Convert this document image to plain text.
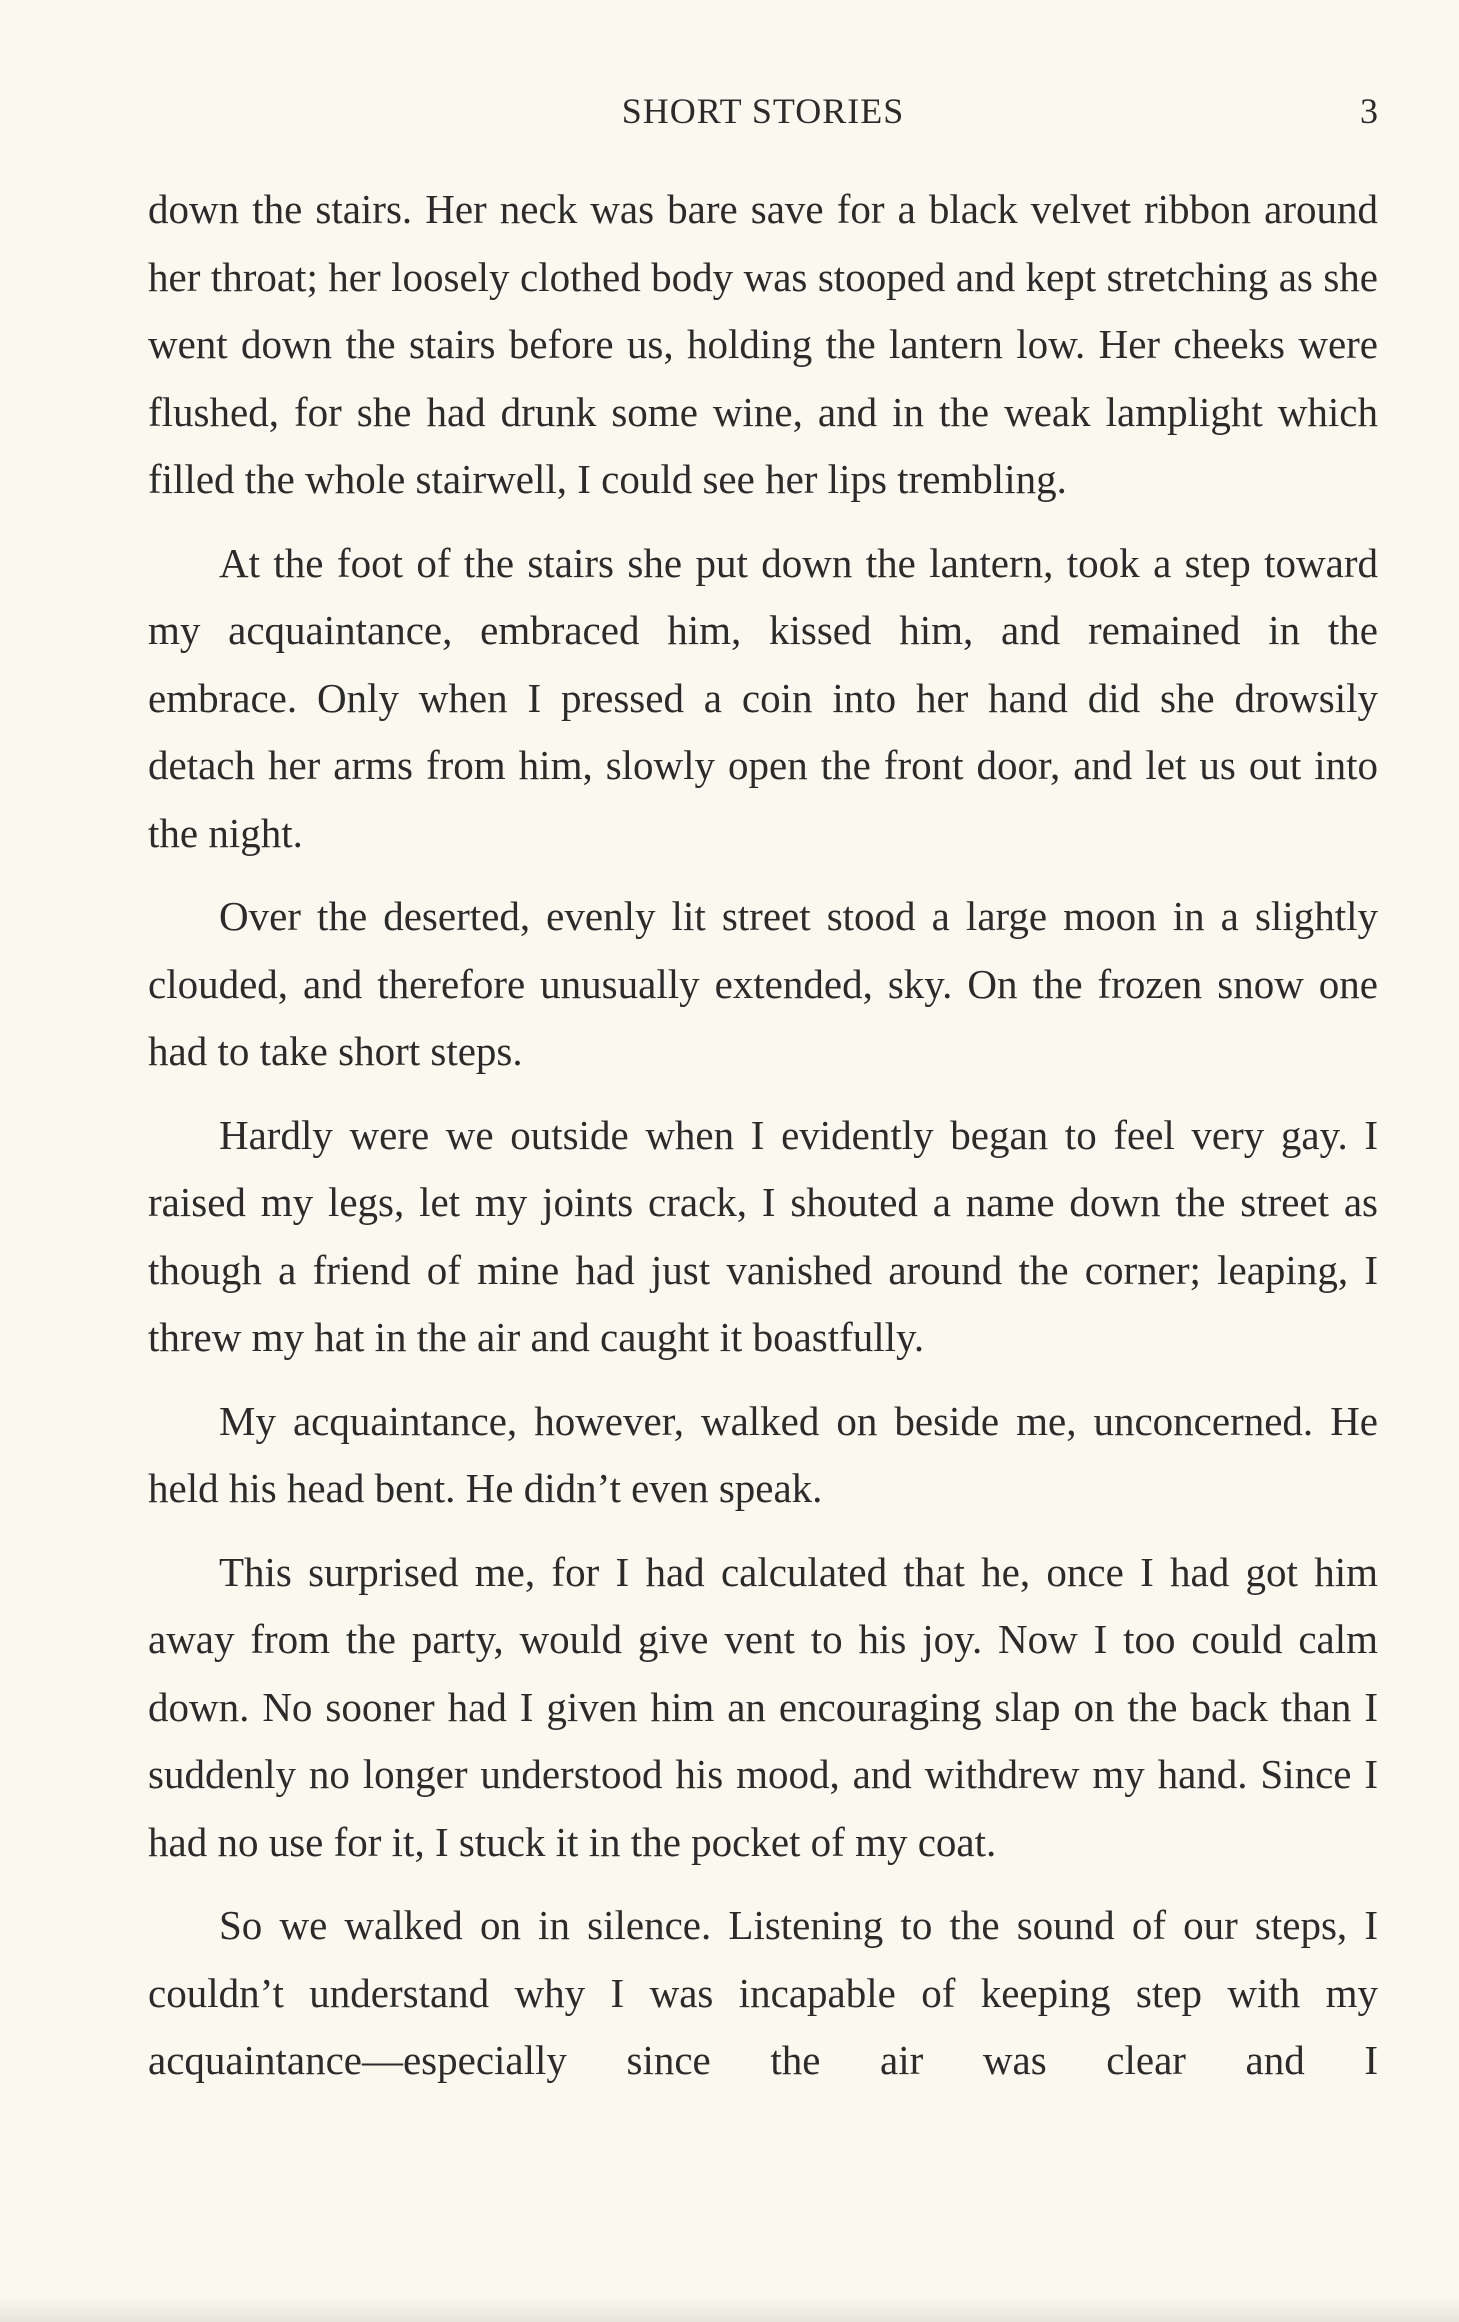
SHORT STORIES	3

down the stairs. Her neck was bare save for a black velvet ribbon around her throat; her loosely clothed body was stooped and kept stretching as she went down the stairs before us, holding the lantern low. Her cheeks were flushed, for she had drunk some wine, and in the weak lamplight which filled the whole stairwell, I could see her lips trembling.

At the foot of the stairs she put down the lantern, took a step toward my acquaintance, embraced him, kissed him, and remained in the embrace. Only when I pressed a coin into her hand did she drowsily detach her arms from him, slowly open the front door, and let us out into the night.

Over the deserted, evenly lit street stood a large moon in a slightly clouded, and therefore unusually extended, sky. On the frozen snow one had to take short steps.

Hardly were we outside when I evidently began to feel very gay. I raised my legs, let my joints crack, I shouted a name down the street as though a friend of mine had just vanished around the corner; leaping, I threw my hat in the air and caught it boastfully.

My acquaintance, however, walked on beside me, unconcerned. He held his head bent. He didn’t even speak.

This surprised me, for I had calculated that he, once I had got him away from the party, would give vent to his joy. Now I too could calm down. No sooner had I given him an encouraging slap on the back than I suddenly no longer understood his mood, and withdrew my hand. Since I had no use for it, I stuck it in the pocket of my coat.

So we walked on in silence. Listening to the sound of our steps, I couldn’t understand why I was incapable of keeping step with my acquaintance—especially since the air was clear and I
